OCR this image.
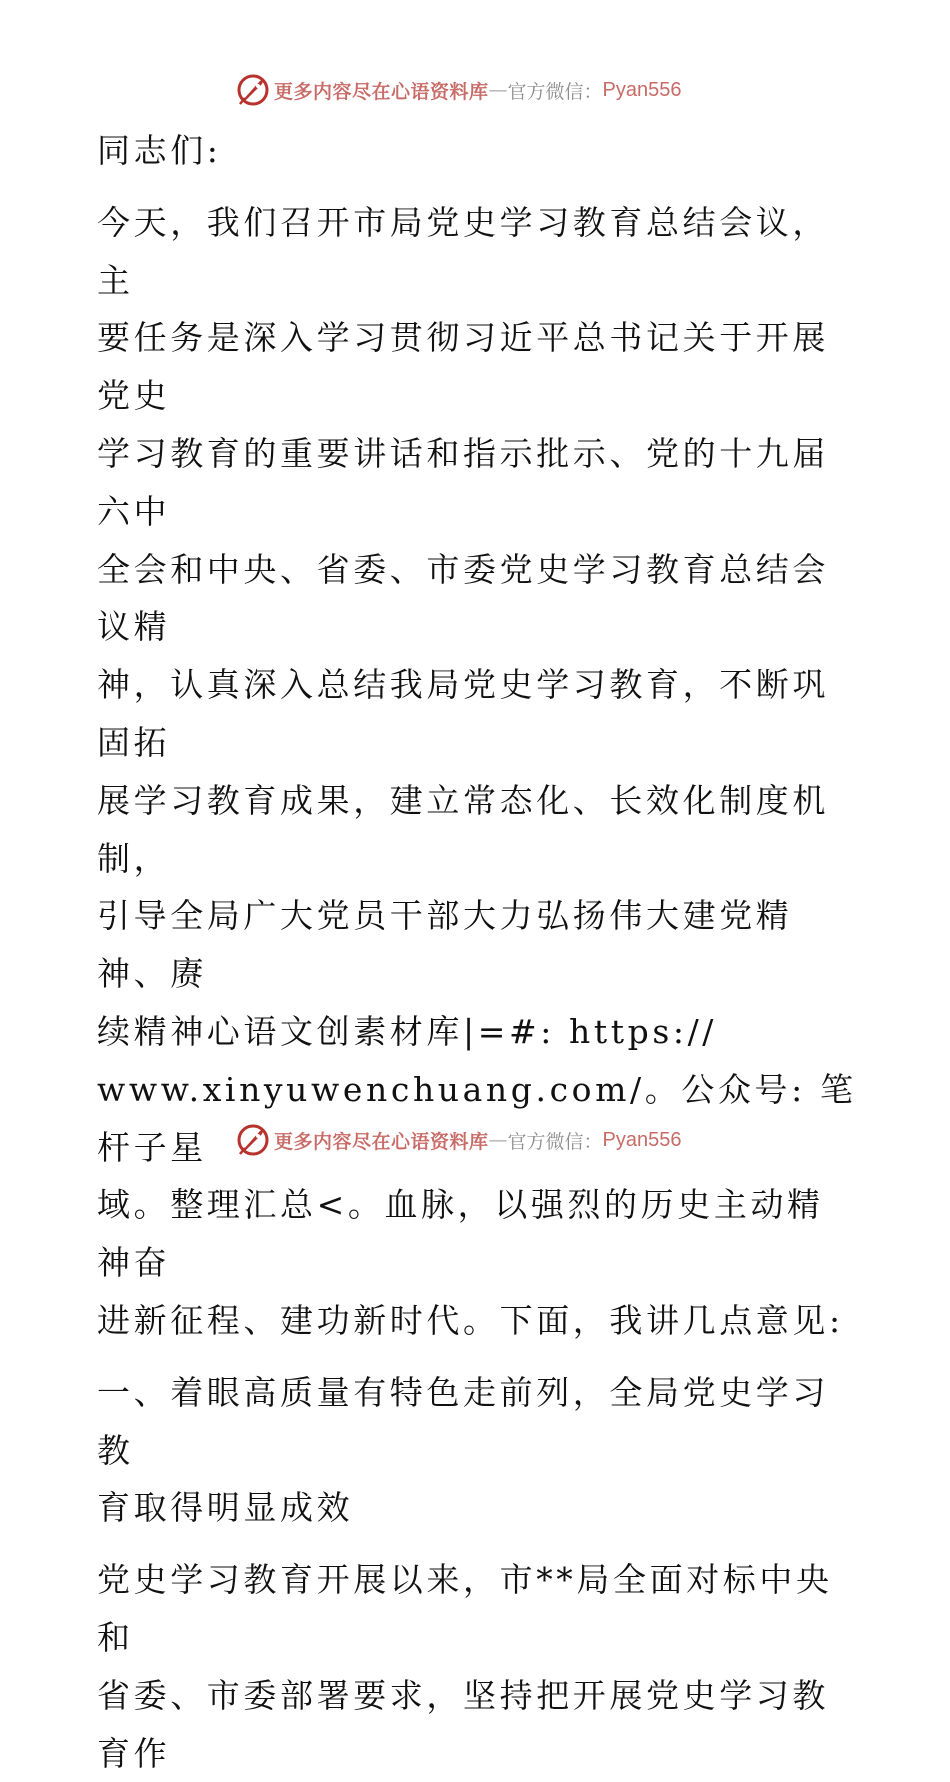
更多内容尽在心语资料库 — 官方微信： Pyan556

同志们:

今天，我们召开市局党史学习教育总结会议，主
要任务是深入学习贯彻习近平总书记关于开展党史
学习教育的重要讲话和指示批示、党的十九届六中
全会和中央、省委、市委党史学习教育总结会议精
神，认真深入总结我局党史学习教育，不断巩固拓
展学习教育成果，建立常态化、长效化制度机制，
引导全局广大党员干部大力弘扬伟大建党精神、赓
续精神心语文创素材库|=#: https://
www.xinyuwenchuang.com/。公众号: 笔杆子星
域。整理汇总<。血脉，以强烈的历史主动精神奋
进新征程、建功新时代。下面，我讲几点意见:

一、着眼高质量有特色走前列，全局党史学习教
育取得明显成效

党史学习教育开展以来，市**局全面对标中央和
省委、市委部署要求，坚持把开展党史学习教育作

更多内容尽在心语资料库 — 官方微信： Pyan556
